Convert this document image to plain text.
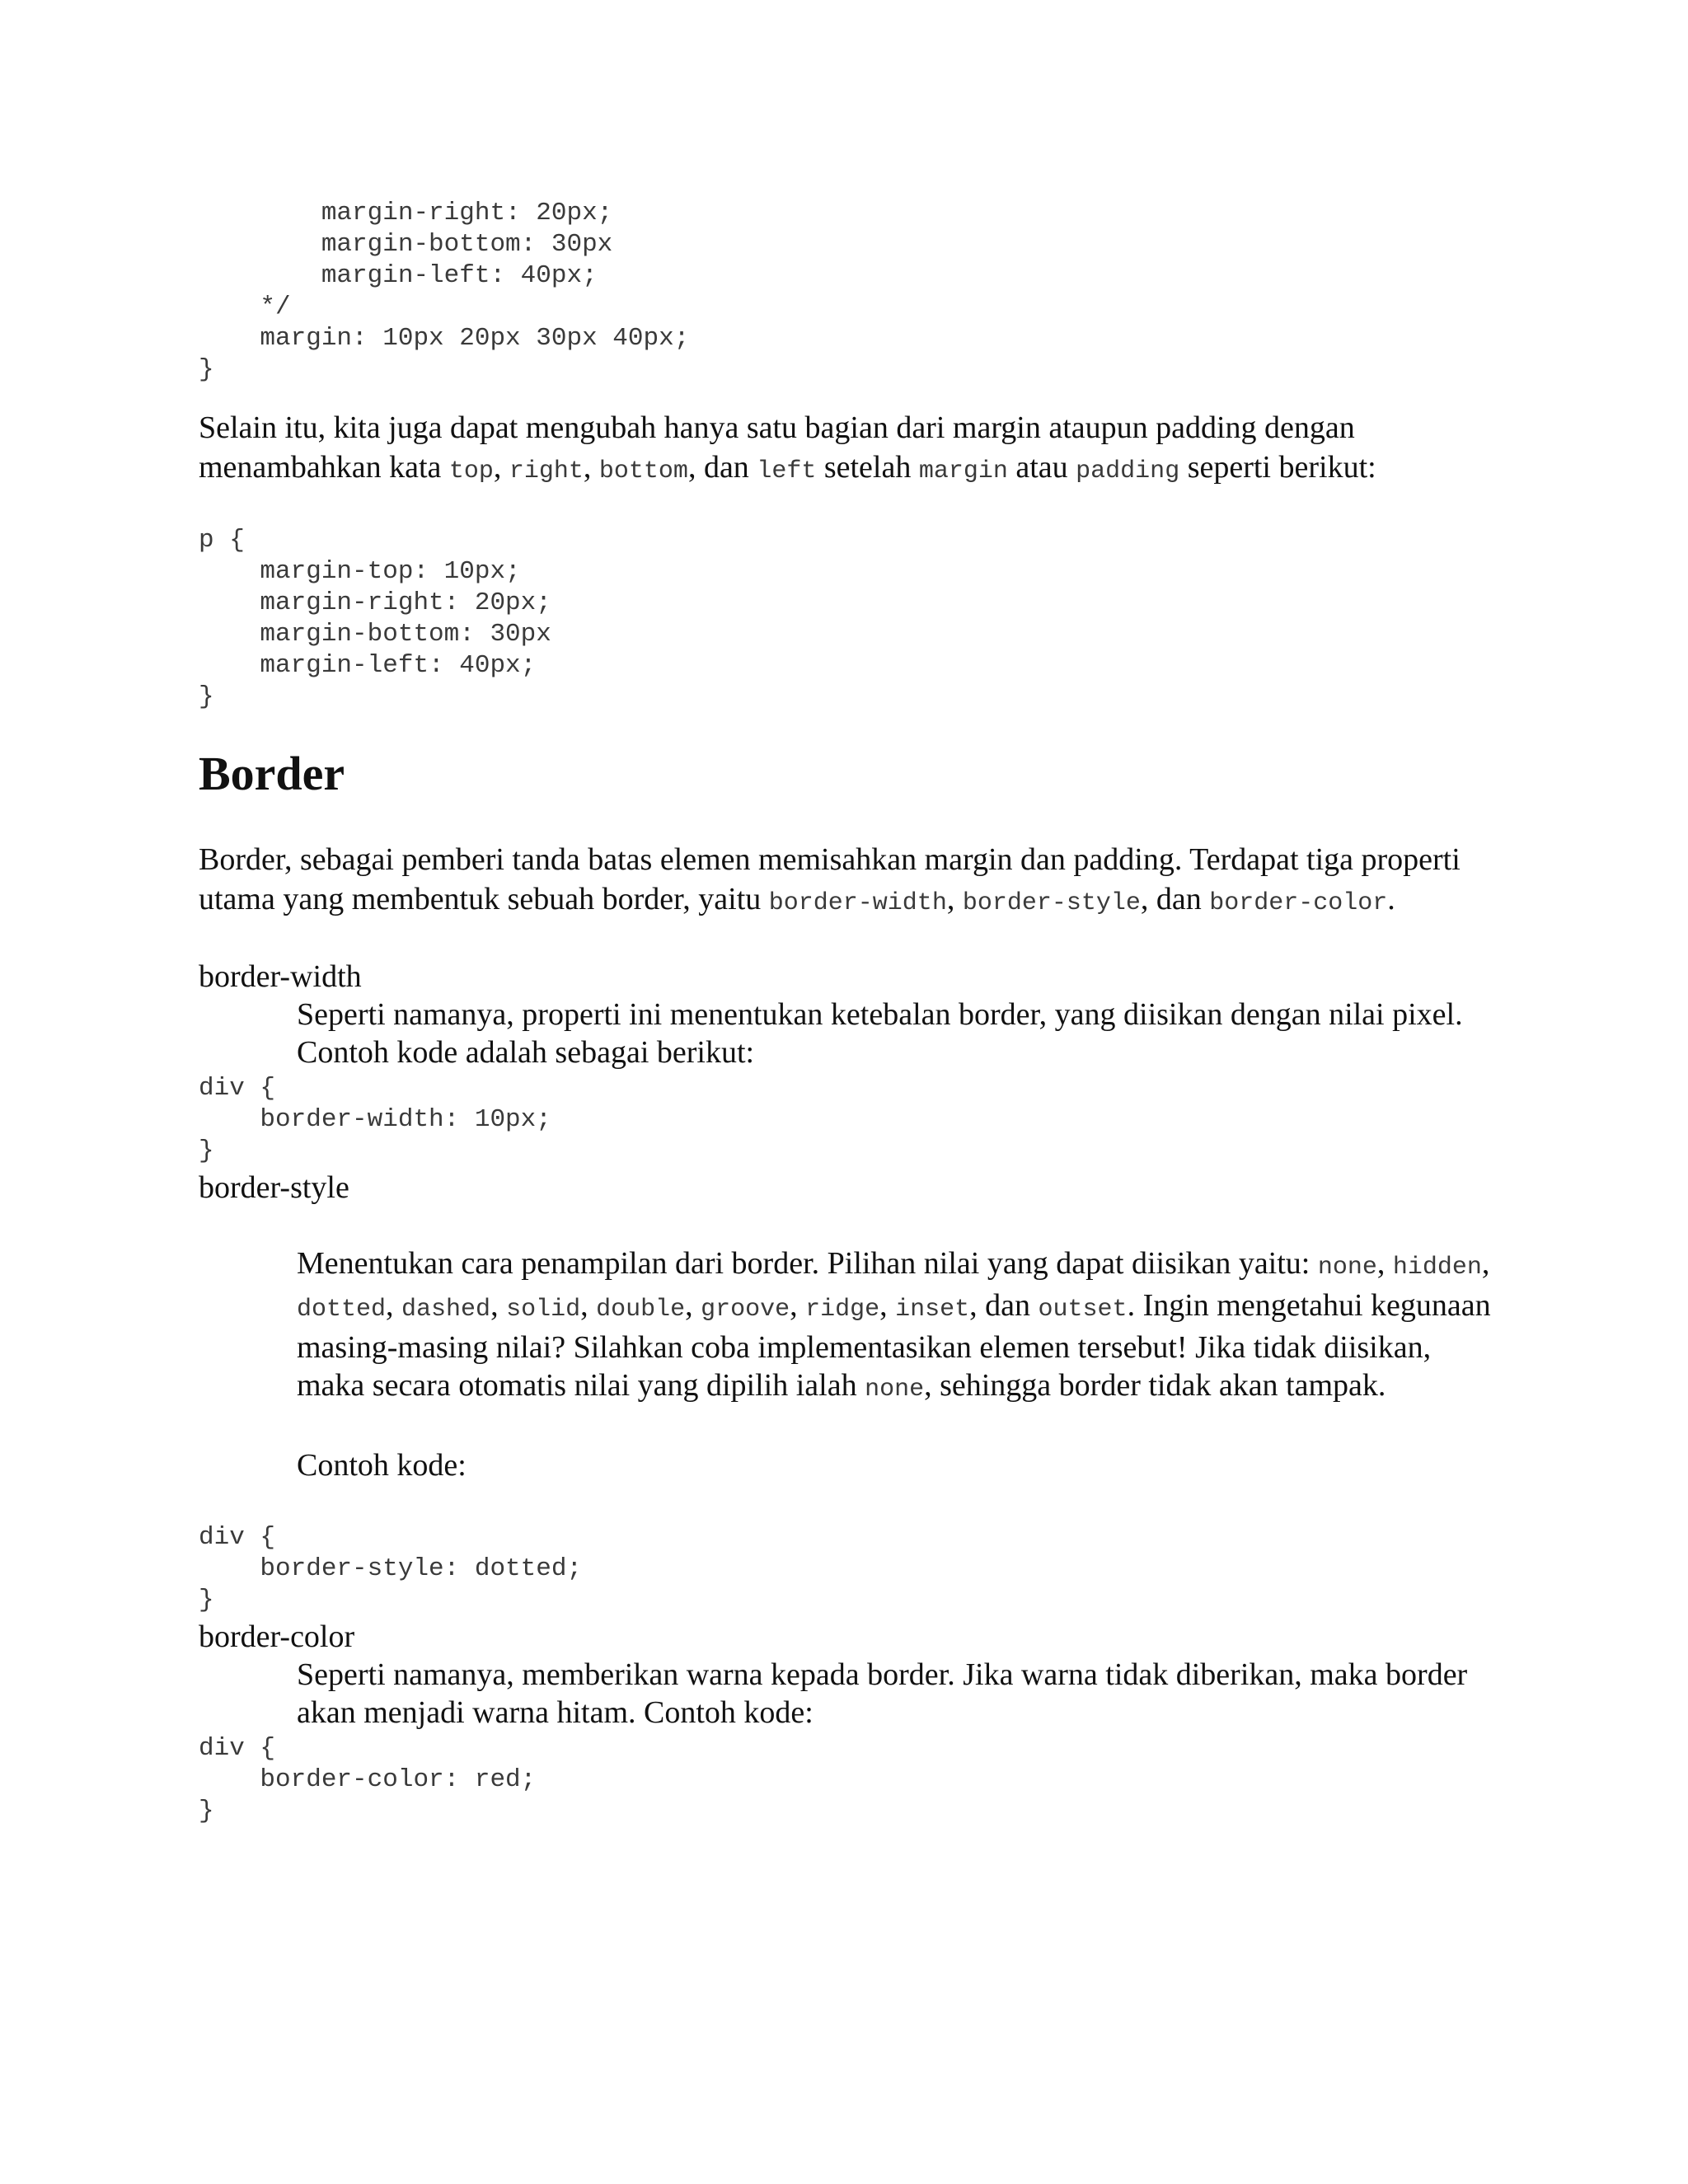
margin-right: 20px;
margin-bottom: 30px
margin-left: 40px;
*/
margin: 10px 20px 30px 40px;
}

Selain itu, kita juga dapat mengubah hanya satu bagian dari margin ataupun padding dengan menambahkan kata top, right, bottom, dan left setelah margin atau padding seperti berikut:

p {
margin-top: 10px;
margin-right: 20px;
margin-bottom: 30px
margin-left: 40px;
}
Border

Border, sebagai pemberi tanda batas elemen memisahkan margin dan padding. Terdapat tiga properti utama yang membentuk sebuah border, yaitu border-width, border-style, dan border-color.

border-width

Seperti namanya, properti ini menentukan ketebalan border, yang diisikan dengan nilai pixel. Contoh kode adalah sebagai berikut:

div {
border-width: 10px;
}

border-style

Menentukan cara penampilan dari border. Pilihan nilai yang dapat diisikan yaitu: none, hidden, dotted, dashed, solid, double, groove, ridge, inset, dan outset. Ingin mengetahui kegunaan masing-masing nilai? Silahkan coba implementasikan elemen tersebut! Jika tidak diisikan, maka secara otomatis nilai yang dipilih ialah none, sehingga border tidak akan tampak.

Contoh kode:

div {
border-style: dotted;
}

border-color

Seperti namanya, memberikan warna kepada border. Jika warna tidak diberikan, maka border akan menjadi warna hitam. Contoh kode:

div {
border-color: red;
}
